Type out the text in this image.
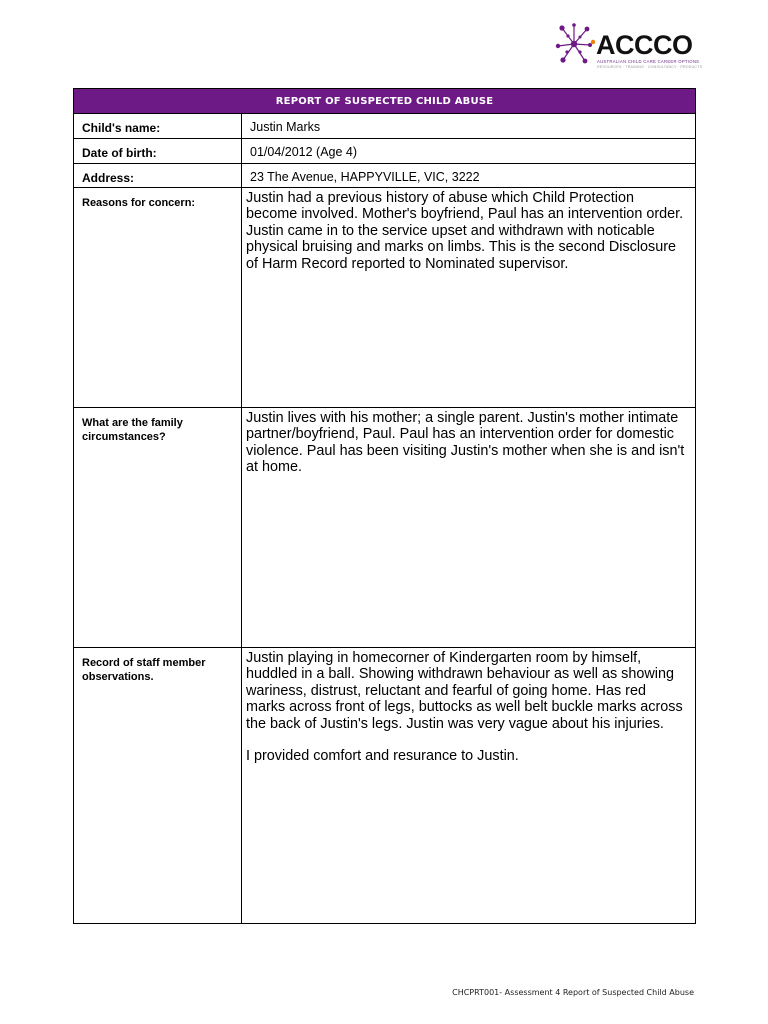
ACCCO
AUSTRALIAN CHILD CARE CAREER OPTIONS
RESOURCES · TRAINING · CONSULTANCY · PRODUCTS
REPORT OF SUSPECTED CHILD ABUSE	
Child's name:	Justin Marks
Date of birth:	01/04/2012 (Age 4)
Address:	23 The Avenue, HAPPYVILLE, VIC, 3222
Reasons for concern:	Justin had a previous history of abuse which Child Protection become involved. Mother's boyfriend, Paul has an intervention order. Justin came in to the service upset and withdrawn with noticable physical bruising and marks on limbs. This is the second Disclosure of Harm Record reported to Nominated supervisor.

What are the family circumstances?	Justin lives with his mother; a single parent. Justin's mother intimate partner/boyfriend, Paul. Paul has an intervention order for domestic violence. Paul has been visiting Justin's mother when she is and isn't at home.

Record of staff member observations.	Justin playing in homecorner of Kindergarten room by himself, huddled in a ball. Showing withdrawn behaviour as well as showing wariness, distrust, reluctant and fearful of going home. Has red marks across front of legs, buttocks as well belt buckle marks across the back of Justin's legs. Justin was very vague about his injuries.

I provided comfort and resurance to Justin.

CHCPRT001- Assessment 4 Report of Suspected Child Abuse
